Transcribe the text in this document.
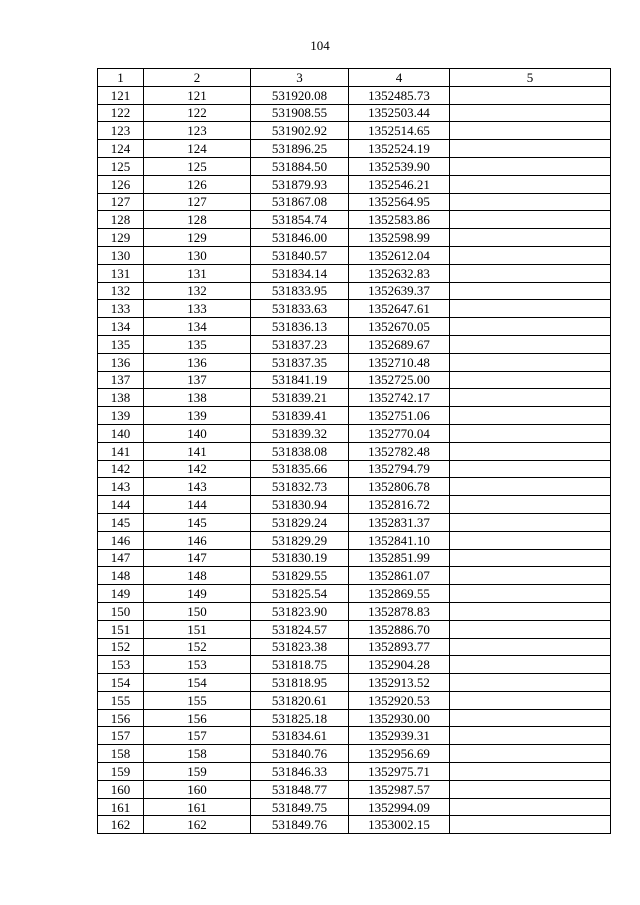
104
1	2	3	4	5
121	121	531920.08	1352485.73	
122	122	531908.55	1352503.44	
123	123	531902.92	1352514.65	
124	124	531896.25	1352524.19	
125	125	531884.50	1352539.90	
126	126	531879.93	1352546.21	
127	127	531867.08	1352564.95	
128	128	531854.74	1352583.86	
129	129	531846.00	1352598.99	
130	130	531840.57	1352612.04	
131	131	531834.14	1352632.83	
132	132	531833.95	1352639.37	
133	133	531833.63	1352647.61	
134	134	531836.13	1352670.05	
135	135	531837.23	1352689.67	
136	136	531837.35	1352710.48	
137	137	531841.19	1352725.00	
138	138	531839.21	1352742.17	
139	139	531839.41	1352751.06	
140	140	531839.32	1352770.04	
141	141	531838.08	1352782.48	
142	142	531835.66	1352794.79	
143	143	531832.73	1352806.78	
144	144	531830.94	1352816.72	
145	145	531829.24	1352831.37	
146	146	531829.29	1352841.10	
147	147	531830.19	1352851.99	
148	148	531829.55	1352861.07	
149	149	531825.54	1352869.55	
150	150	531823.90	1352878.83	
151	151	531824.57	1352886.70	
152	152	531823.38	1352893.77	
153	153	531818.75	1352904.28	
154	154	531818.95	1352913.52	
155	155	531820.61	1352920.53	
156	156	531825.18	1352930.00	
157	157	531834.61	1352939.31	
158	158	531840.76	1352956.69	
159	159	531846.33	1352975.71	
160	160	531848.77	1352987.57	
161	161	531849.75	1352994.09	
162	162	531849.76	1353002.15	
